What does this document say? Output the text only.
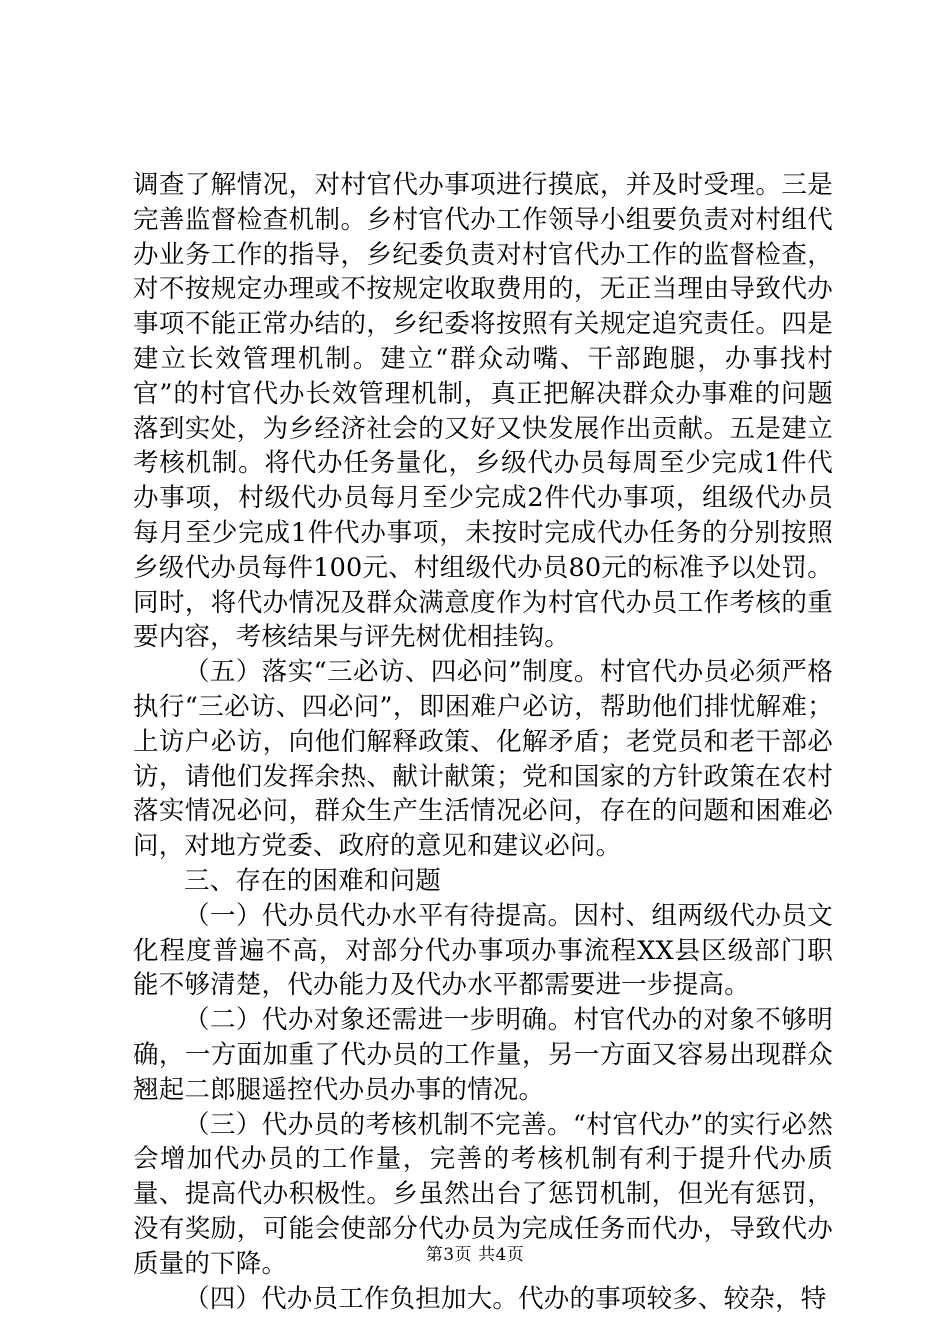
调查了解情况，对村官代办事项进行摸底，并及时受理。三是完善监督检查机制。乡村官代办工作领导小组要负责对村组代办业务工作的指导，乡纪委负责对村官代办工作的监督检查，对不按规定办理或不按规定收取费用的，无正当理由导致代办事项不能正常办结的，乡纪委将按照有关规定追究责任。四是建立长效管理机制。建立“群众动嘴、干部跑腿，办事找村官”的村官代办长效管理机制，真正把解决群众办事难的问题落到实处，为乡经济社会的又好又快发展作出贡献。五是建立考核机制。将代办任务量化，乡级代办员每周至少完成1件代办事项，村级代办员每月至少完成2件代办事项，组级代办员每月至少完成1件代办事项，未按时完成代办任务的分别按照乡级代办员每件100元、村组级代办员80元的标准予以处罚。同时，将代办情况及群众满意度作为村官代办员工作考核的重要内容，考核结果与评先树优相挂钩。

（五）落实“三必访、四必问”制度。村官代办员必须严格执行“三必访、四必问”，即困难户必访，帮助他们排忧解难；上访户必访，向他们解释政策、化解矛盾；老党员和老干部必访，请他们发挥余热、献计献策；党和国家的方针政策在农村落实情况必问，群众生产生活情况必问，存在的问题和困难必问，对地方党委、政府的意见和建议必问。

三、存在的困难和问题

（一）代办员代办水平有待提高。因村、组两级代办员文化程度普遍不高，对部分代办事项办事流程XX县区级部门职能不够清楚，代办能力及代办水平都需要进一步提高。

（二）代办对象还需进一步明确。村官代办的对象不够明确，一方面加重了代办员的工作量，另一方面又容易出现群众翘起二郎腿遥控代办员办事的情况。

（三）代办员的考核机制不完善。“村官代办”的实行必然会增加代办员的工作量，完善的考核机制有利于提升代办质量、提高代办积极性。乡虽然出台了惩罚机制，但光有惩罚，没有奖励，可能会使部分代办员为完成任务而代办，导致代办质量的下降。

（四）代办员工作负担加大。代办的事项较多、较杂，特

第3页 共4页
